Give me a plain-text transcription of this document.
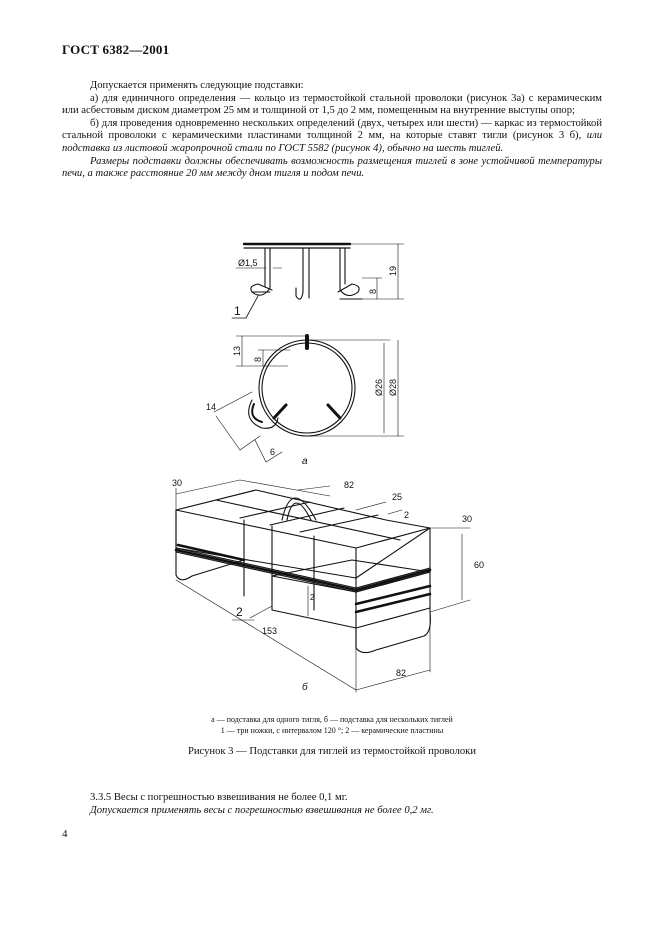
ГОСТ 6382—2001

Допускается применять следующие подставки:

а) для единичного определения — кольцо из термостойкой стальной проволоки (рисунок 3а) с керамическим или асбестовым диском диаметром 25 мм и толщиной от 1,5 до 2 мм, помещенным на внутренние выступы опор;

б) для проведения одновременно нескольких определений (двух, четырех или шести) — каркас из термостойкой стальной проволоки с керамическими пластинами толщиной 2 мм, на которые ставят тигли (рисунок 3 б), или подставка из листовой жаропрочной стали по ГОСТ 5582 (рисунок 4), обычно на шесть тиглей.

Размеры подставки должны обеспечивать возможность размещения тиглей в зоне устойчивой температуры печи, а также расстояние 20 мм между дном тигля и подом печи.

Ø1,5
19
8
1
13
8
Ø26 Ø28
14
6
а
30	82
25
2	30
60
2
2
153
82
б
а — подставка для одного тигля, б — подставка для нескольких тиглей
1 — три ножки, с интервалом 120 °; 2 — керамические пластины
Рисунок 3 — Подставки для тиглей из термостойкой проволоки

3.3.5 Весы с погрешностью взвешивания не более 0,1 мг.

Допускается применять весы с погрешностью взвешивания не более 0,2 мг.

4
